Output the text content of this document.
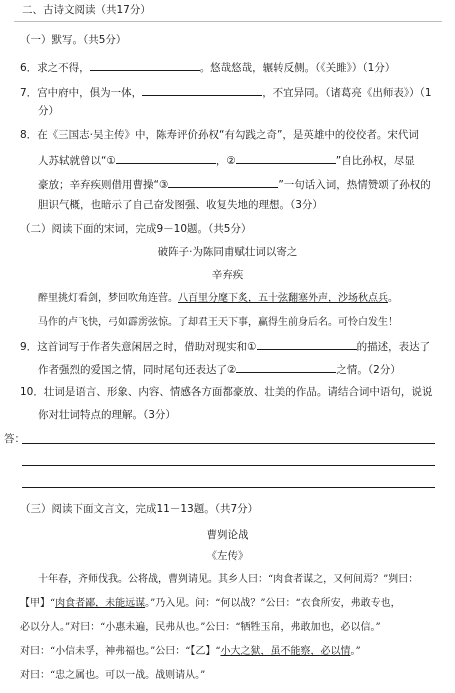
二、古诗文阅读（共17分）
（一）默写。（共5分）
6．求之不得，	。悠哉悠哉，辗转反侧。（《关雎》）（1分）
7．宫中府中，俱为一体，	，不宜异同。（诸葛亮《出师表》）（1
分）
8．在《三国志·吴主传》中，陈寿评价孙权“有勾践之奇”，是英雄中的佼佼者。宋代词
人苏轼就曾以“①	，②	”自比孙权，尽显
豪放；辛弃疾则借用曹操“③	”一句话入词，热情赞颂了孙权的
胆识气概，也暗示了自己奋发图强、收复失地的理想。（3分）
（二）阅读下面的宋词，完成9－10题。（共5分）
破阵子·为陈同甫赋壮词以寄之
辛弃疾
醉里挑灯看剑，梦回吹角连营。八百里分麾下炙，五十弦翻塞外声，沙场秋点兵。
马作的卢飞快，弓如霹雳弦惊。了却君王天下事，赢得生前身后名。可怜白发生！
9．这首词写于作者失意闲居之时，借助对现实和①	的描述，表达了
作者强烈的爱国之情，同时尾句还表达了②	之情。（2分）
10．壮词是语言、形象、内容、情感各方面都豪放、壮美的作品。请结合词中语句，说说
你对壮词特点的理解。（3分）
答：
（三）阅读下面文言文，完成11－13题。（共7分）
曹刿论战
《左传》
十年春，齐师伐我。公将战，曹刿请见。其乡人曰：“肉食者谋之，又何间焉？”刿曰：
【甲】“肉食者鄙，未能远谋。”乃入见。问：“何以战？”公曰：“衣食所安，弗敢专也，
必以分人。”对曰：“小惠未遍，民弗从也。”公曰：“牺牲玉帛，弗敢加也，必以信。”
对曰：“小信未孚，神弗福也。”公曰：“【乙】“小大之狱，虽不能察，必以情。”
对曰：“忠之属也。可以一战。战则请从。”
